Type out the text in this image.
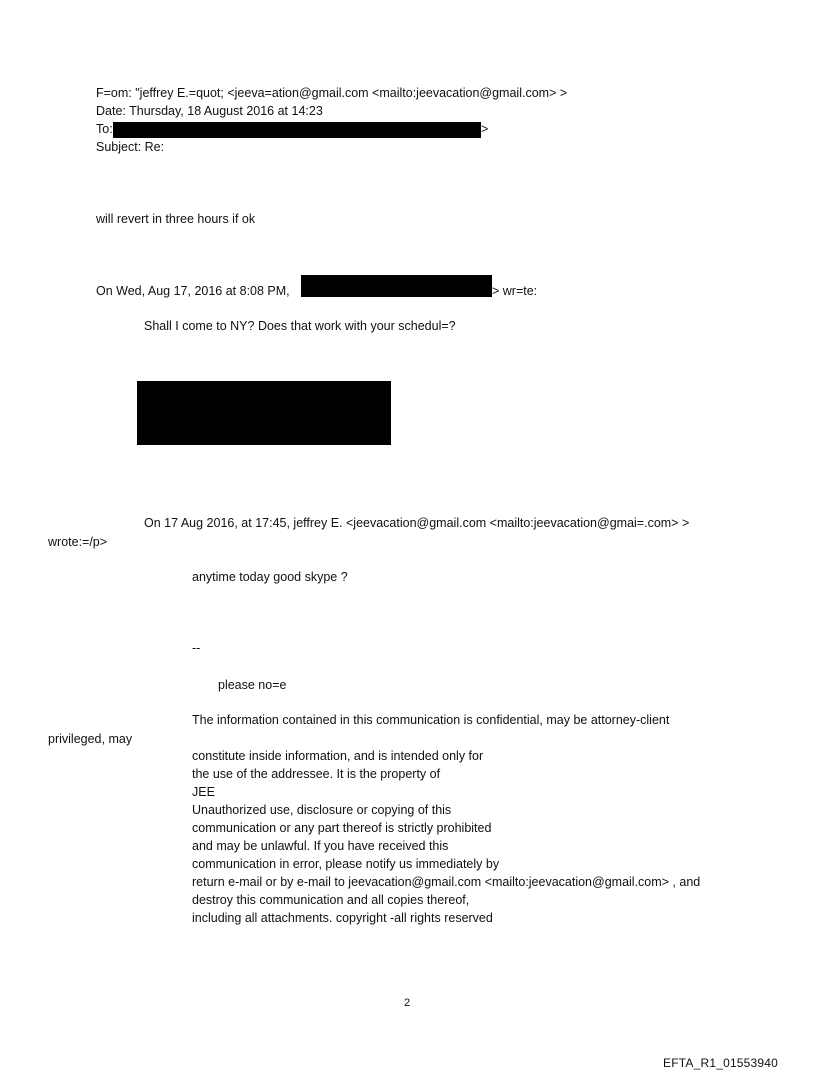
F=om: "jeffrey E.=quot; <jeeva=ation@gmail.com <mailto:jeevacation@gmail.com> >
Date: Thursday, 18 August 2016 at 14:23
To:	>
Subject: Re:
will revert in three hours if ok
On Wed, Aug 17, 2016 at 8:08 PM,	> wr=te:
Shall I come to NY? Does that work with your schedul=?
On 17 Aug 2016, at 17:45, jeffrey E. <jeevacation@gmail.com <mailto:jeevacation@gmai=.com> >
wrote:=/p>
anytime today good skype ?
--
please no=e
The information contained in this communication is confidential, may be attorney-client
privileged, may
constitute inside information, and is intended only for
the use of the addressee. It is the property of
JEE
Unauthorized use, disclosure or copying of this
communication or any part thereof is strictly prohibited
and may be unlawful. If you have received this
communication in error, please notify us immediately by
return e-mail or by e-mail to jeevacation@gmail.com <mailto:jeevacation@gmail.com> , and
destroy this communication and all copies thereof,
including all attachments. copyright -all rights reserved
2
EFTA_R1_01553940
